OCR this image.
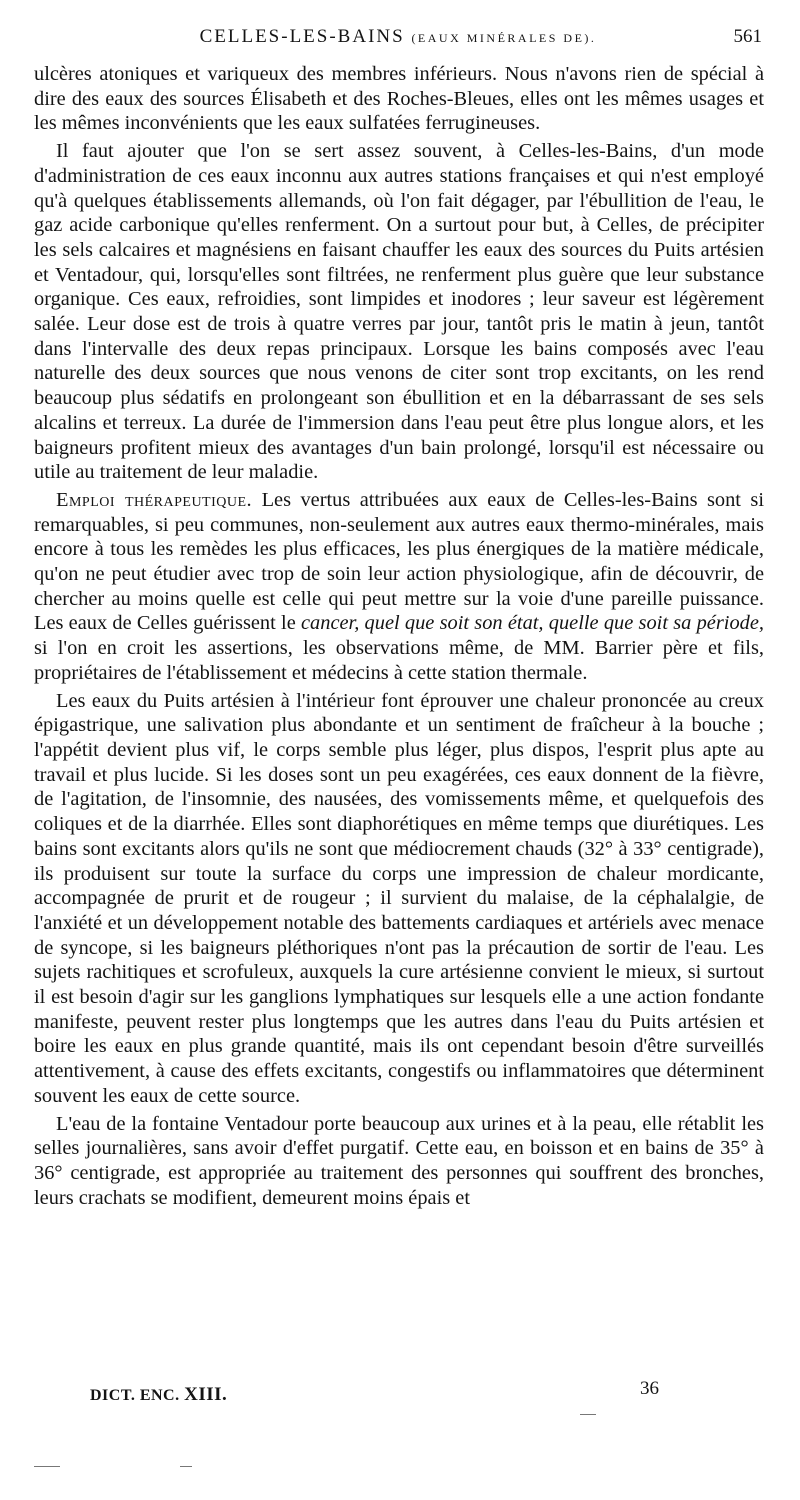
CELLES-LES-BAINS (EAUX MINÉRALES DE).	561

ulcères atoniques et variqueux des membres inférieurs. Nous n'avons rien de spécial à dire des eaux des sources Élisabeth et des Roches-Bleues, elles ont les mêmes usages et les mêmes inconvénients que les eaux sulfatées ferrugineuses.

Il faut ajouter que l'on se sert assez souvent, à Celles-les-Bains, d'un mode d'administration de ces eaux inconnu aux autres stations françaises et qui n'est employé qu'à quelques établissements allemands, où l'on fait dégager, par l'ébullition de l'eau, le gaz acide carbonique qu'elles renferment. On a surtout pour but, à Celles, de précipiter les sels calcaires et magnésiens en faisant chauffer les eaux des sources du Puits artésien et Ventadour, qui, lorsqu'elles sont filtrées, ne renferment plus guère que leur substance organique. Ces eaux, refroidies, sont limpides et inodores ; leur saveur est légèrement salée. Leur dose est de trois à quatre verres par jour, tantôt pris le matin à jeun, tantôt dans l'intervalle des deux repas principaux. Lorsque les bains composés avec l'eau naturelle des deux sources que nous venons de citer sont trop excitants, on les rend beaucoup plus sédatifs en prolongeant son ébullition et en la débarrassant de ses sels alcalins et terreux. La durée de l'immersion dans l'eau peut être plus longue alors, et les baigneurs profitent mieux des avantages d'un bain prolongé, lorsqu'il est nécessaire ou utile au traitement de leur maladie.

Emploi thérapeutique. Les vertus attribuées aux eaux de Celles-les-Bains sont si remarquables, si peu communes, non-seulement aux autres eaux thermo-minérales, mais encore à tous les remèdes les plus efficaces, les plus énergiques de la matière médicale, qu'on ne peut étudier avec trop de soin leur action physiologique, afin de découvrir, de chercher au moins quelle est celle qui peut mettre sur la voie d'une pareille puissance. Les eaux de Celles guérissent le cancer, quel que soit son état, quelle que soit sa période, si l'on en croit les assertions, les observations même, de MM. Barrier père et fils, propriétaires de l'établissement et médecins à cette station thermale.

Les eaux du Puits artésien à l'intérieur font éprouver une chaleur prononcée au creux épigastrique, une salivation plus abondante et un sentiment de fraîcheur à la bouche ; l'appétit devient plus vif, le corps semble plus léger, plus dispos, l'esprit plus apte au travail et plus lucide. Si les doses sont un peu exagérées, ces eaux donnent de la fièvre, de l'agitation, de l'insomnie, des nausées, des vomissements même, et quelquefois des coliques et de la diarrhée. Elles sont diaphorétiques en même temps que diurétiques. Les bains sont excitants alors qu'ils ne sont que médiocrement chauds (32° à 33° centigrade), ils produisent sur toute la surface du corps une impression de chaleur mordicante, accompagnée de prurit et de rougeur ; il survient du malaise, de la céphalalgie, de l'anxiété et un développement notable des battements cardiaques et artériels avec menace de syncope, si les baigneurs pléthoriques n'ont pas la précaution de sortir de l'eau. Les sujets rachitiques et scrofuleux, auxquels la cure artésienne convient le mieux, si surtout il est besoin d'agir sur les ganglions lymphatiques sur lesquels elle a une action fondante manifeste, peuvent rester plus longtemps que les autres dans l'eau du Puits artésien et boire les eaux en plus grande quantité, mais ils ont cependant besoin d'être surveillés attentivement, à cause des effets excitants, congestifs ou inflammatoires que déterminent souvent les eaux de cette source.

L'eau de la fontaine Ventadour porte beaucoup aux urines et à la peau, elle rétablit les selles journalières, sans avoir d'effet purgatif. Cette eau, en boisson et en bains de 35° à 36° centigrade, est appropriée au traitement des personnes qui souffrent des bronches, leurs crachats se modifient, demeurent moins épais et

DICT. ENC. XIII.	36
